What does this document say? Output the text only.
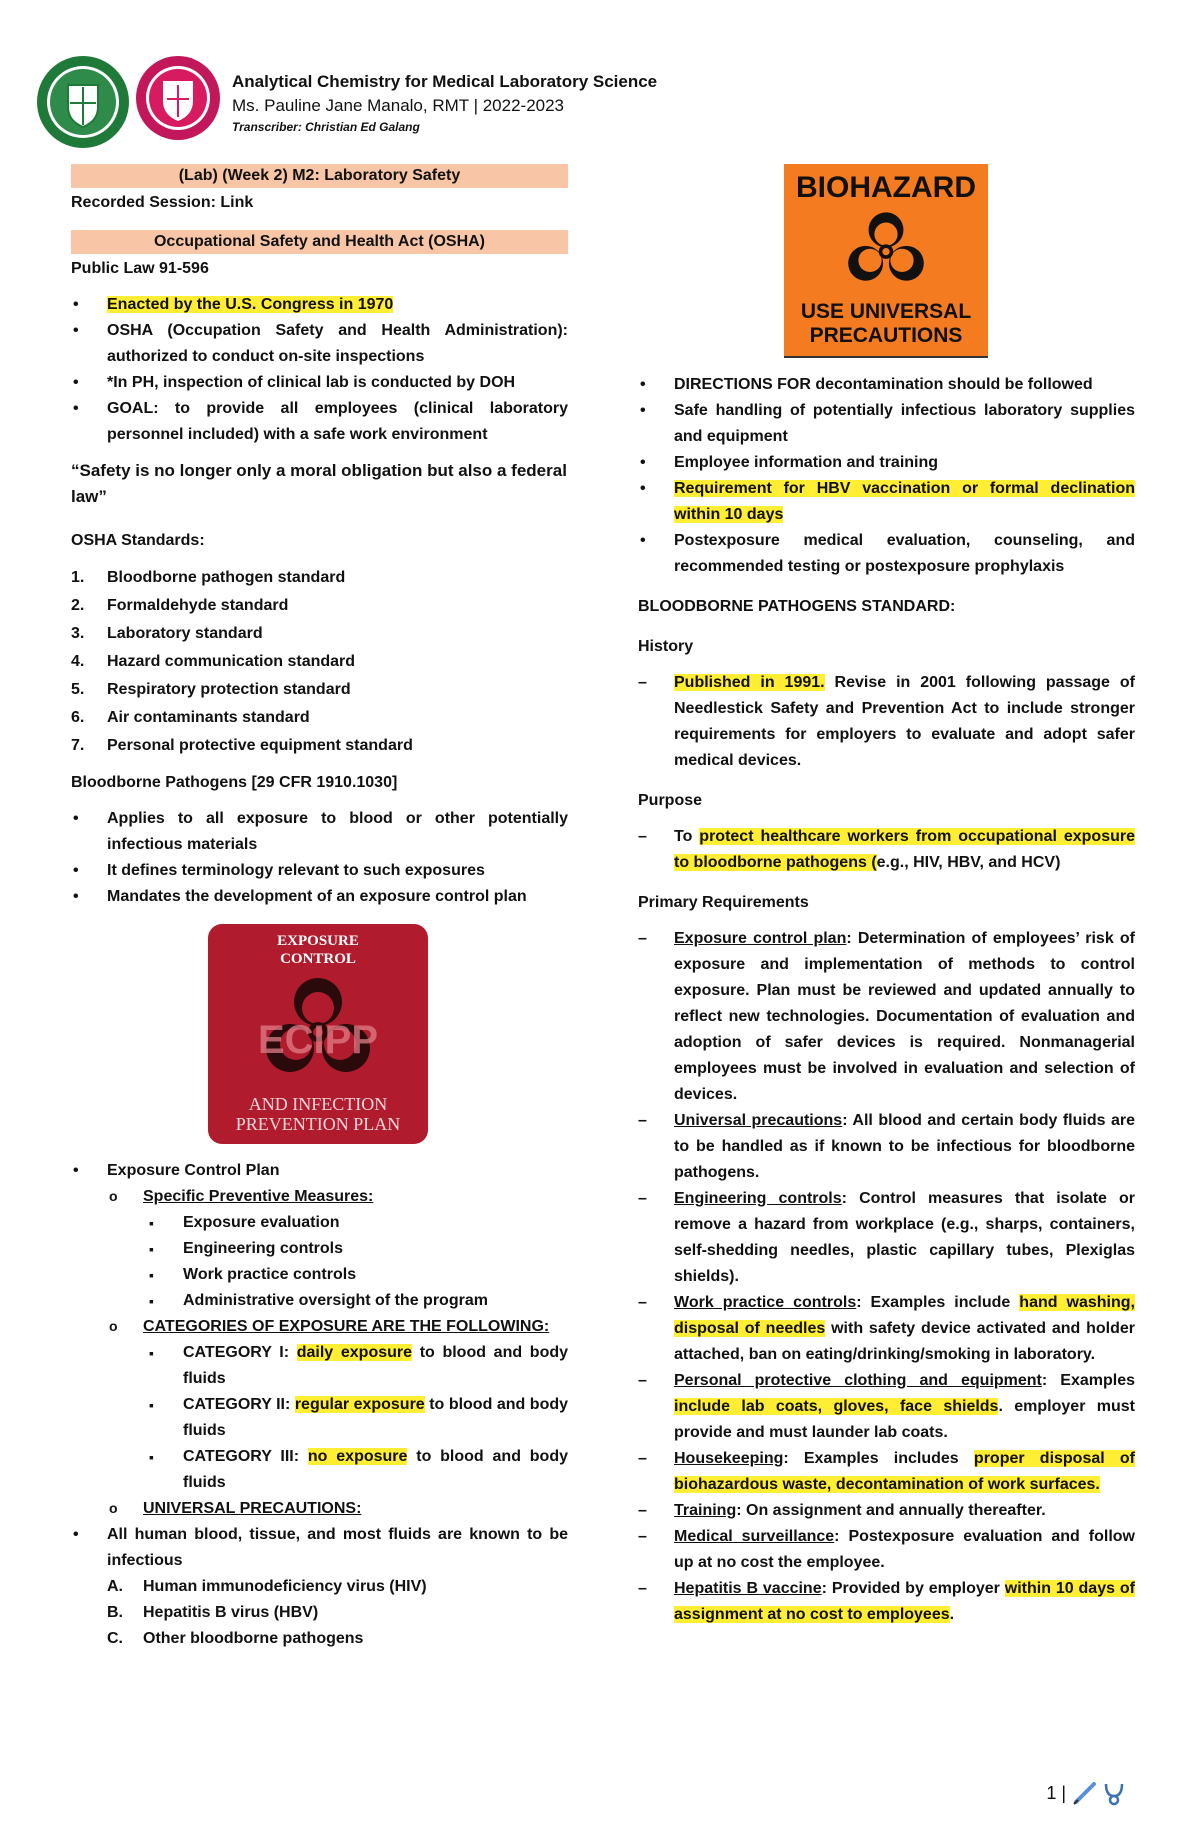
Analytical Chemistry for Medical Laboratory Science
Ms. Pauline Jane Manalo, RMT | 2022-2023
Transcriber: Christian Ed Galang
(Lab) (Week 2) M2: Laboratory Safety

Recorded Session: Link

Occupational Safety and Health Act (OSHA)

Public Law 91-596

• Enacted by the U.S. Congress in 1970
• OSHA (Occupation Safety and Health Administration): authorized to conduct on-site inspections
• *In PH, inspection of clinical lab is conducted by DOH
• GOAL: to provide all employees (clinical laboratory personnel included) with a safe work environment

“Safety is no longer only a moral obligation but also a federal law”

OSHA Standards:

1. Bloodborne pathogen standard
2. Formaldehyde standard
3. Laboratory standard
4. Hazard communication standard
5. Respiratory protection standard
6. Air contaminants standard
7. Personal protective equipment standard

Bloodborne Pathogens [29 CFR 1910.1030]

• Applies to all exposure to blood or other potentially infectious materials
• It defines terminology relevant to such exposures
• Mandates the development of an exposure control plan
EXPOSURE
CONTROL
ECIPP
AND INFECTION
PREVENTION PLAN
• Exposure Control Plan
o Specific Preventive Measures:
▪ Exposure evaluation
▪ Engineering controls
▪ Work practice controls
▪ Administrative oversight of the program
o CATEGORIES OF EXPOSURE ARE THE FOLLOWING:
▪ CATEGORY I: daily exposure to blood and body fluids
▪ CATEGORY II: regular exposure to blood and body fluids
▪ CATEGORY III: no exposure to blood and body fluids
o UNIVERSAL PRECAUTIONS:
• All human blood, tissue, and most fluids are known to be infectious
A. Human immunodeficiency virus (HIV)
B. Hepatitis B virus (HBV)
C. Other bloodborne pathogens
BIOHAZARD
USE UNIVERSAL
PRECAUTIONS
• DIRECTIONS FOR decontamination should be followed
• Safe handling of potentially infectious laboratory supplies and equipment
• Employee information and training
• Requirement for HBV vaccination or formal declination within 10 days
• Postexposure medical evaluation, counseling, and recommended testing or postexposure prophylaxis

BLOODBORNE PATHOGENS STANDARD:

History

– Published in 1991. Revise in 2001 following passage of Needlestick Safety and Prevention Act to include stronger requirements for employers to evaluate and adopt safer medical devices.

Purpose

– To protect healthcare workers from occupational exposure to bloodborne pathogens (e.g., HIV, HBV, and HCV)

Primary Requirements

– Exposure control plan: Determination of employees’ risk of exposure and implementation of methods to control exposure. Plan must be reviewed and updated annually to reflect new technologies. Documentation of evaluation and adoption of safer devices is required. Nonmanagerial employees must be involved in evaluation and selection of devices.
– Universal precautions: All blood and certain body fluids are to be handled as if known to be infectious for bloodborne pathogens.
– Engineering controls: Control measures that isolate or remove a hazard from workplace (e.g., sharps, containers, self-shedding needles, plastic capillary tubes, Plexiglas shields).
– Work practice controls: Examples include hand washing, disposal of needles with safety device activated and holder attached, ban on eating/drinking/smoking in laboratory.
– Personal protective clothing and equipment: Examples include lab coats, gloves, face shields. employer must provide and must launder lab coats.
– Housekeeping: Examples includes proper disposal of biohazardous waste, decontamination of work surfaces.
– Training: On assignment and annually thereafter.
– Medical surveillance: Postexposure evaluation and follow up at no cost the employee.
– Hepatitis B vaccine: Provided by employer within 10 days of assignment at no cost to employees.
1 |
